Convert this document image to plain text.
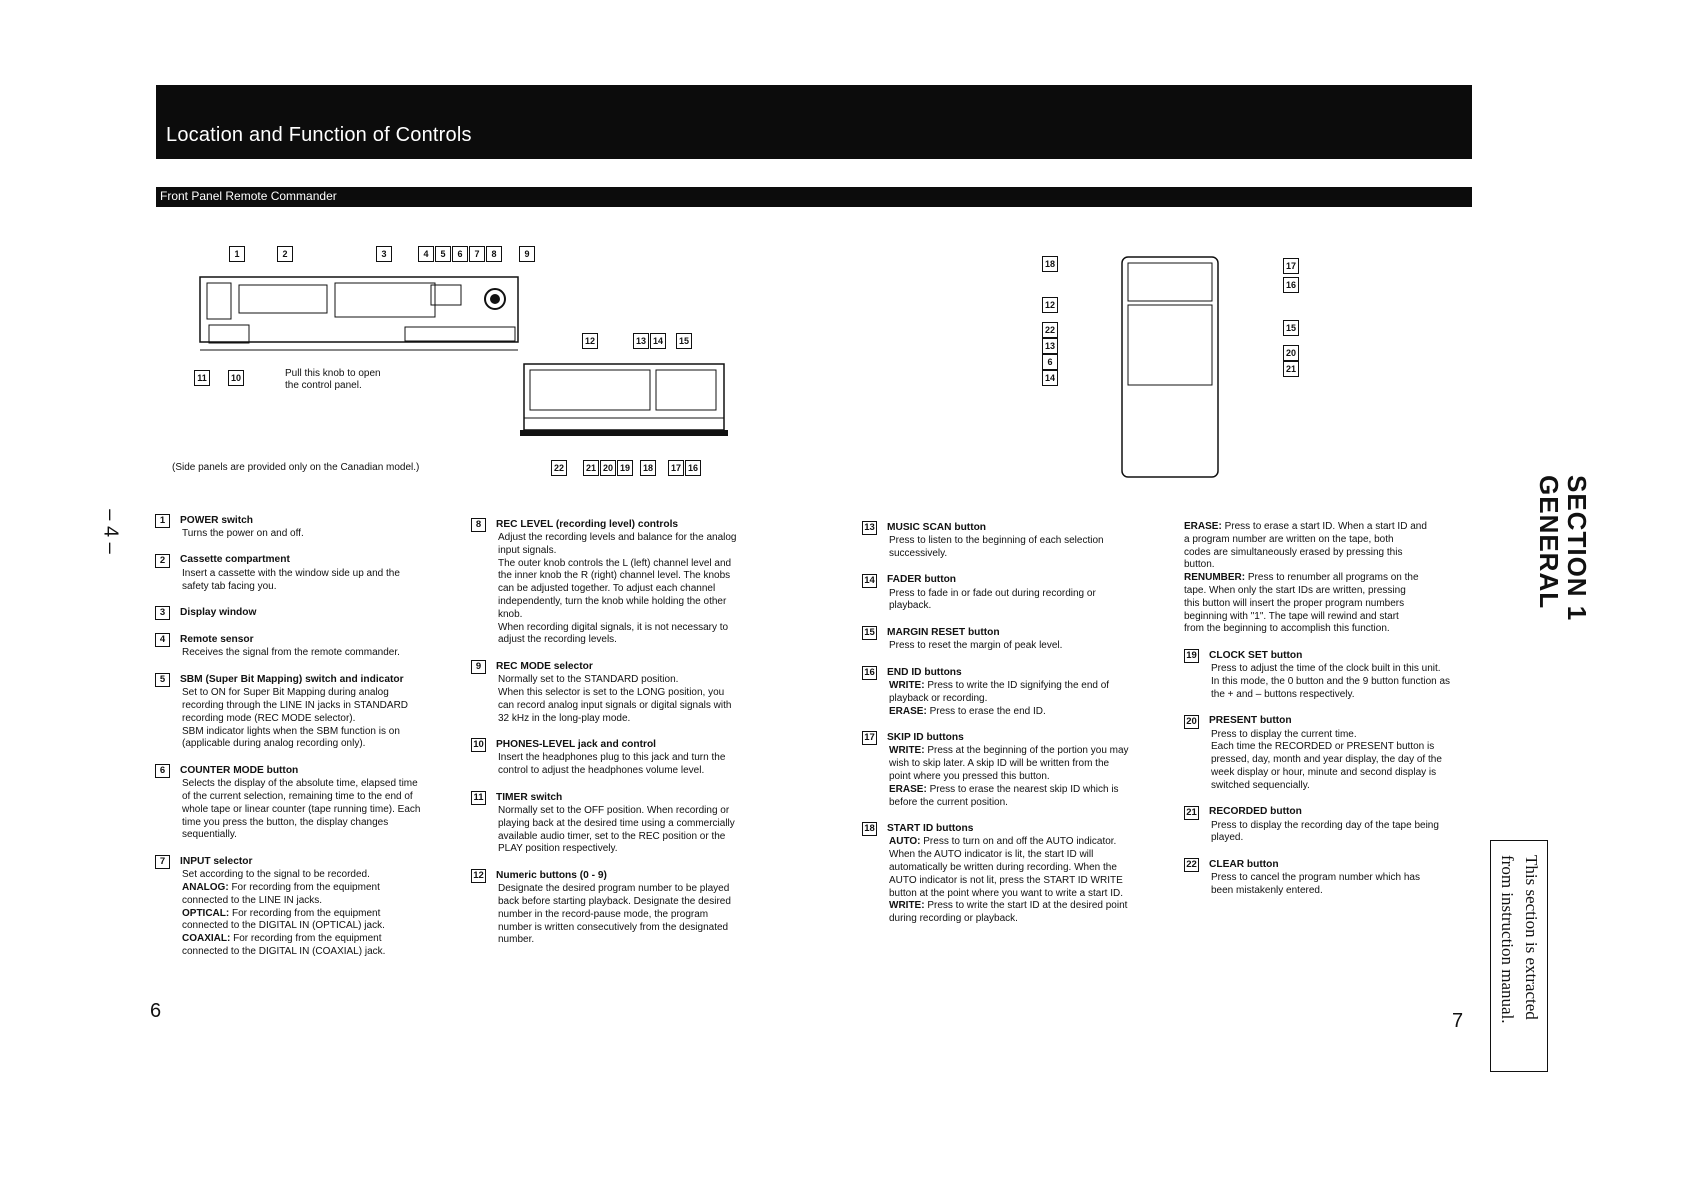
Location and Function of Controls
Front Panel Remote Commander
1	2	3	4	5	6	7	8	9
11	10	Pull this knob to open
the control panel.
(Side panels are provided only on the Canadian model.)
12	13 14	15
22	21 20 19	18	17 16
18
12
22
13
6
14
17
16
15
20
21
1	POWER switch
Turns the power on and off.
2	Cassette compartment
Insert a cassette with the window side up and the
safety tab facing you.
3	Display window
4	Remote sensor
Receives the signal from the remote commander.
5	SBM (Super Bit Mapping) switch and indicator
Set to ON for Super Bit Mapping during analog
recording through the LINE IN jacks in STANDARD
recording mode (REC MODE selector).
SBM indicator lights when the SBM function is on
(applicable during analog recording only).
6	COUNTER MODE button
Selects the display of the absolute time, elapsed time
of the current selection, remaining time to the end of
whole tape or linear counter (tape running time). Each
time you press the button, the display changes
sequentially.
7	INPUT selector
Set according to the signal to be recorded.
ANALOG: For recording from the equipment
connected to the LINE IN jacks.
OPTICAL: For recording from the equipment
connected to the DIGITAL IN (OPTICAL) jack.
COAXIAL: For recording from the equipment
connected to the DIGITAL IN (COAXIAL) jack.
8	REC LEVEL (recording level) controls
Adjust the recording levels and balance for the analog
input signals.
The outer knob controls the L (left) channel level and
the inner knob the R (right) channel level. The knobs
can be adjusted together. To adjust each channel
independently, turn the knob while holding the other
knob.
When recording digital signals, it is not necessary to
adjust the recording levels.
9	REC MODE selector
Normally set to the STANDARD position.
When this selector is set to the LONG position, you
can record analog input signals or digital signals with
32 kHz in the long-play mode.
10 PHONES-LEVEL jack and control
Insert the headphones plug to this jack and turn the
control to adjust the headphones volume level.
11 TIMER switch
Normally set to the OFF position. When recording or
playing back at the desired time using a commercially
available audio timer, set to the REC position or the
PLAY position respectively.
12 Numeric buttons (0 - 9)
Designate the desired program number to be played
back before starting playback. Designate the desired
number in the record-pause mode, the program
number is written consecutively from the designated
number.
13 MUSIC SCAN button
Press to listen to the beginning of each selection
successively.
14 FADER button
Press to fade in or fade out during recording or
playback.
15 MARGIN RESET button
Press to reset the margin of peak level.
16 END ID buttons
WRITE: Press to write the ID signifying the end of
playback or recording.
ERASE: Press to erase the end ID.
17 SKIP ID buttons
WRITE: Press at the beginning of the portion you may
wish to skip later. A skip ID will be written from the
point where you pressed this button.
ERASE: Press to erase the nearest skip ID which is
before the current position.
18 START ID buttons
AUTO: Press to turn on and off the AUTO indicator.
When the AUTO indicator is lit, the start ID will
automatically be written during recording. When the
AUTO indicator is not lit, press the START ID WRITE
button at the point where you want to write a start ID.
WRITE: Press to write the start ID at the desired point
during recording or playback.
ERASE: Press to erase a start ID. When a start ID and
a program number are written on the tape, both
codes are simultaneously erased by pressing this
button.
RENUMBER: Press to renumber all programs on the
tape. When only the start IDs are written, pressing
this button will insert the proper program numbers
beginning with "1". The tape will rewind and start
from the beginning to accomplish this function.
19 CLOCK SET button
Press to adjust the time of the clock built in this unit.
In this mode, the 0 button and the 9 button function as
the + and – buttons respectively.
20 PRESENT button
Press to display the current time.
Each time the RECORDED or PRESENT button is
pressed, day, month and year display, the day of the
week display or hour, minute and second display is
switched sequencially.
21 RECORDED button
Press to display the recording day of the tape being
played.
22 CLEAR button
Press to cancel the program number which has
been mistakenly entered.
6	7
– 4 –	SECTION 1
GENERAL
This section is extracted
from instruction manual.
